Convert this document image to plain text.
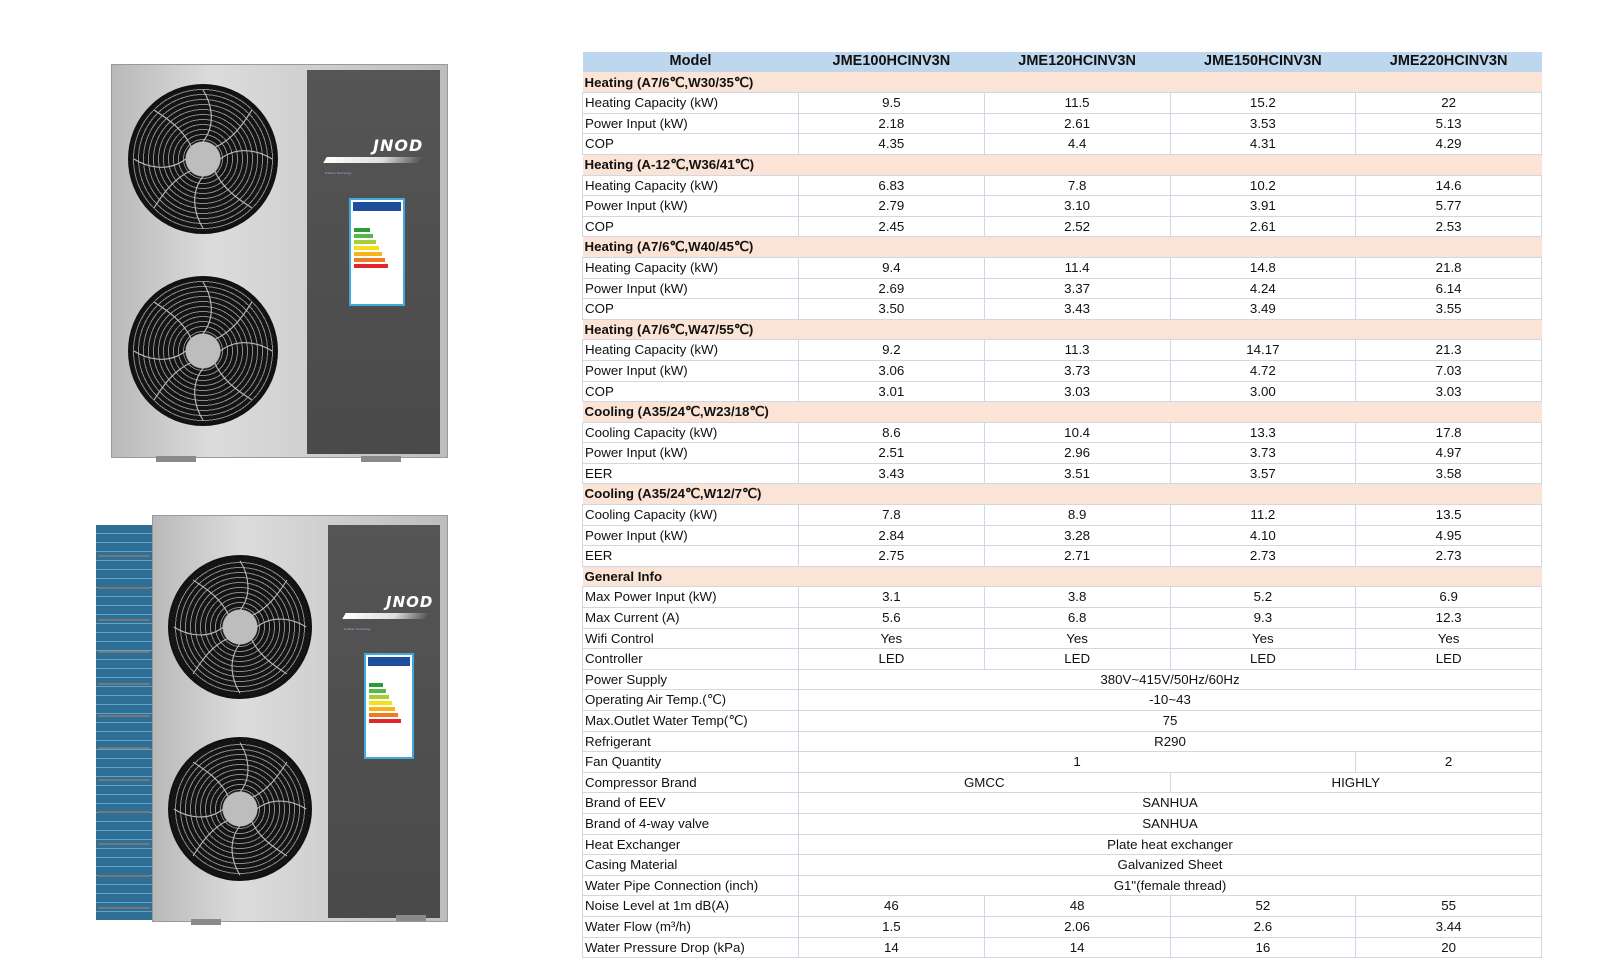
JNOD
Endless Technology
JNOD
Endless Technology
Model	JME100HCINV3N	JME120HCINV3N	JME150HCINV3N	JME220HCINV3N
Heating (A7/6℃,W30/35℃)				
Heating Capacity (kW)	9.5	11.5	15.2	22
Power Input (kW)	2.18	2.61	3.53	5.13
COP	4.35	4.4	4.31	4.29
Heating (A-12℃,W36/41℃)				
Heating Capacity (kW)	6.83	7.8	10.2	14.6
Power Input (kW)	2.79	3.10	3.91	5.77
COP	2.45	2.52	2.61	2.53
Heating (A7/6℃,W40/45℃)				
Heating Capacity (kW)	9.4	11.4	14.8	21.8
Power Input (kW)	2.69	3.37	4.24	6.14
COP	3.50	3.43	3.49	3.55
Heating (A7/6℃,W47/55℃)				
Heating Capacity (kW)	9.2	11.3	14.17	21.3
Power Input (kW)	3.06	3.73	4.72	7.03
COP	3.01	3.03	3.00	3.03
Cooling (A35/24℃,W23/18℃)				
Cooling Capacity (kW)	8.6	10.4	13.3	17.8
Power Input (kW)	2.51	2.96	3.73	4.97
EER	3.43	3.51	3.57	3.58
Cooling (A35/24℃,W12/7℃)				
Cooling Capacity (kW)	7.8	8.9	11.2	13.5
Power Input (kW)	2.84	3.28	4.10	4.95
EER	2.75	2.71	2.73	2.73
General Info				
Max Power Input (kW)	3.1	3.8	5.2	6.9
Max Current (A)	5.6	6.8	9.3	12.3
Wifi Control	Yes	Yes	Yes	Yes
Controller	LED	LED	LED	LED
Power Supply	380V~415V/50Hz/60Hz			
Operating Air Temp.(℃)	-10~43			
Max.Outlet Water Temp(℃)	75			
Refrigerant	R290			
Fan Quantity	1			2
Compressor Brand	GMCC		HIGHLY	
Brand of EEV	SANHUA			
Brand of 4-way valve	SANHUA			
Heat Exchanger	Plate heat exchanger			
Casing Material	Galvanized Sheet			
Water Pipe Connection (inch)	G1"(female thread)			
Noise Level at 1m dB(A)	46	48	52	55
Water Flow (m³/h)	1.5	2.06	2.6	3.44
Water Pressure Drop (kPa)	14	14	16	20
